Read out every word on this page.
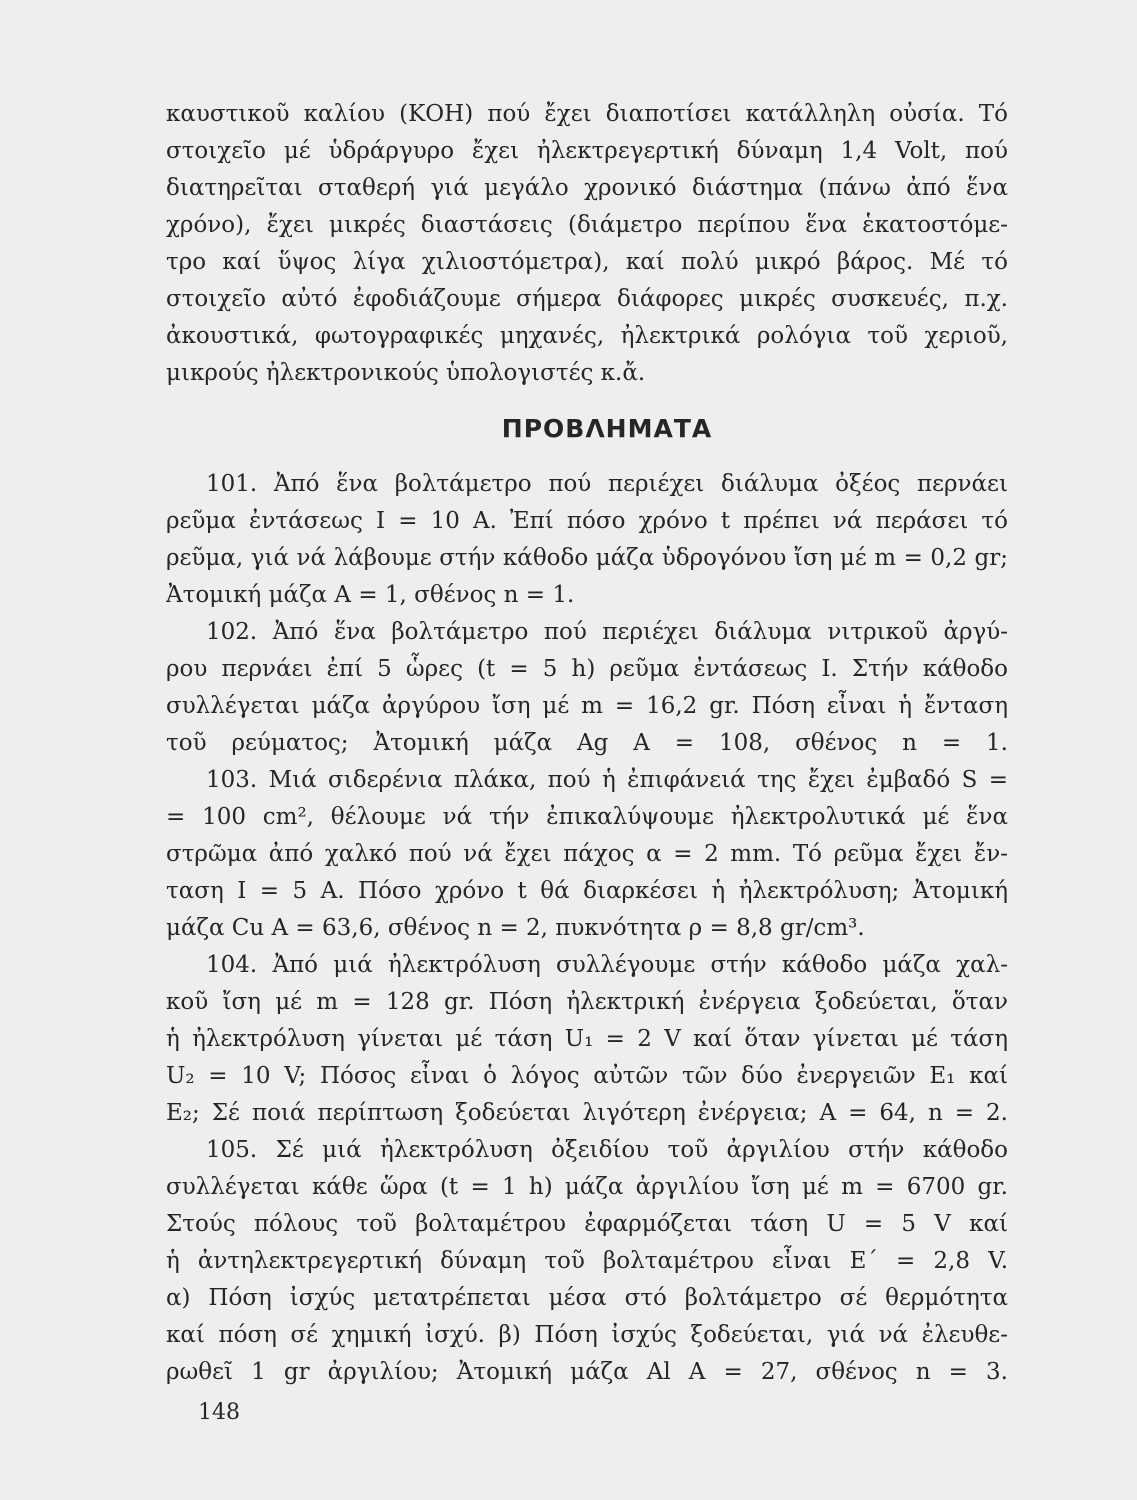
καυστικοῦ καλίου (ΚΟΗ) πού ἔχει διαποτίσει κατάλληλη οὐσία. Τό
στοιχεῖο μέ ὑδράργυρο ἔχει ἠλεκτρεγερτική δύναμη 1,4 Volt, πού
διατηρεῖται σταθερή γιά μεγάλο χρονικό διάστημα (πάνω ἀπό ἕνα
χρόνο), ἔχει μικρές διαστάσεις (διάμετρο περίπου ἕνα ἑκατοστόμε-
τρο καί ὕψος λίγα χιλιοστόμετρα), καί πολύ μικρό βάρος. Μέ τό
στοιχεῖο αὐτό ἐφοδιάζουμε σήμερα διάφορες μικρές συσκευές, π.χ.
ἀκουστικά, φωτογραφικές μηχανές, ἠλεκτρικά ρολόγια τοῦ χεριοῦ,
μικρούς ἠλεκτρονικούς ὑπολογιστές κ.ἄ.
ΠΡΟΒΛΗΜΑΤΑ
101. Ἀπό ἕνα βολτάμετρο πού περιέχει διάλυμα ὀξέος περνάει
ρεῦμα ἐντάσεως I = 10 A. Ἐπί πόσο χρόνο t πρέπει νά περάσει τό
ρεῦμα, γιά νά λάβουμε στήν κάθοδο μάζα ὑδρογόνου ἴση μέ m = 0,2 gr;
Ἀτομική μάζα A = 1, σθένος n = 1.
102. Ἀπό ἕνα βολτάμετρο πού περιέχει διάλυμα νιτρικοῦ ἀργύ-
ρου περνάει ἐπί 5 ὧρες (t = 5 h) ρεῦμα ἐντάσεως I. Στήν κάθοδο
συλλέγεται μάζα ἀργύρου ἴση μέ m = 16,2 gr. Πόση εἶναι ἡ ἔνταση
τοῦ ρεύματος; Ἀτομική μάζα Ag A = 108, σθένος n = 1.
103. Μιά σιδερένια πλάκα, πού ἡ ἐπιφάνειά της ἔχει ἐμβαδό S =
= 100 cm², θέλουμε νά τήν ἐπικαλύψουμε ἠλεκτρολυτικά μέ ἕνα
στρῶμα ἀπό χαλκό πού νά ἔχει πάχος α = 2 mm. Τό ρεῦμα ἔχει ἔν-
ταση I = 5 A. Πόσο χρόνο t θά διαρκέσει ἡ ἠλεκτρόλυση; Ἀτομική
μάζα Cu A = 63,6, σθένος n = 2, πυκνότητα ρ = 8,8 gr/cm³.
104. Ἀπό μιά ἠλεκτρόλυση συλλέγουμε στήν κάθοδο μάζα χαλ-
κοῦ ἴση μέ m = 128 gr. Πόση ἠλεκτρική ἐνέργεια ξοδεύεται, ὅταν
ἡ ἠλεκτρόλυση γίνεται μέ τάση U₁ = 2 V καί ὅταν γίνεται μέ τάση
U₂ = 10 V; Πόσος εἶναι ὁ λόγος αὐτῶν τῶν δύο ἐνεργειῶν E₁ καί
E₂; Σέ ποιά περίπτωση ξοδεύεται λιγότερη ἐνέργεια; A = 64, n = 2.
105. Σέ μιά ἠλεκτρόλυση ὀξειδίου τοῦ ἀργιλίου στήν κάθοδο
συλλέγεται κάθε ὥρα (t = 1 h) μάζα ἀργιλίου ἴση μέ m = 6700 gr.
Στούς πόλους τοῦ βολταμέτρου ἐφαρμόζεται τάση U = 5 V καί
ἡ ἀντηλεκτρεγερτική δύναμη τοῦ βολταμέτρου εἶναι E΄ = 2,8 V.
α) Πόση ἰσχύς μετατρέπεται μέσα στό βολτάμετρο σέ θερμότητα
καί πόση σέ χημική ἰσχύ. β) Πόση ἰσχύς ξοδεύεται, γιά νά ἐλευθε-
ρωθεῖ 1 gr ἀργιλίου; Ἀτομική μάζα Al A = 27, σθένος n = 3.
148
